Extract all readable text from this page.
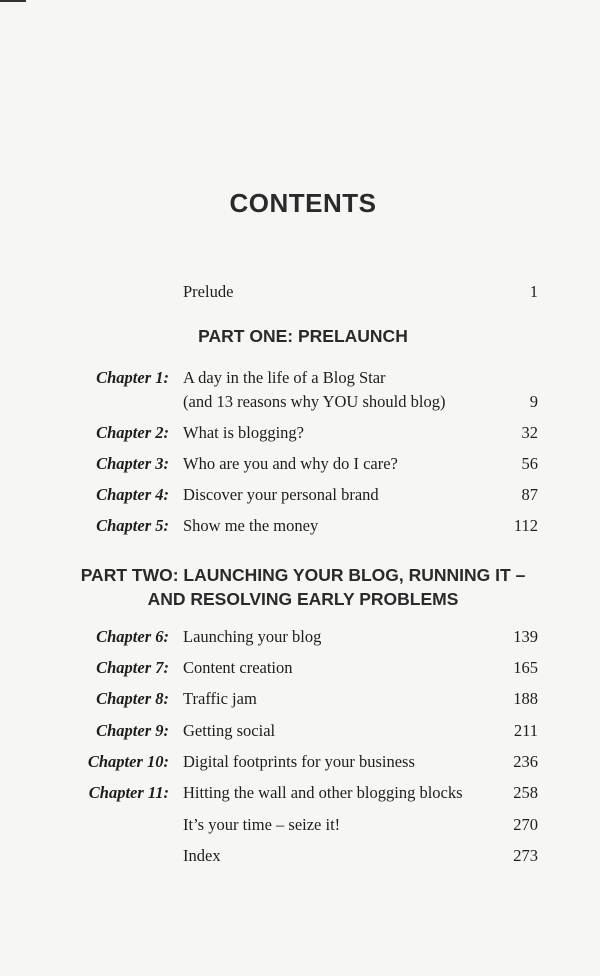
CONTENTS
Prelude	1
PART ONE: PRELAUNCH
Chapter 1: A day in the life of a Blog Star
(and 13 reasons why YOU should blog)	9
Chapter 2: What is blogging?	32
Chapter 3: Who are you and why do I care?	56
Chapter 4: Discover your personal brand	87
Chapter 5: Show me the money	112
PART TWO: LAUNCHING YOUR BLOG, RUNNING IT –
AND RESOLVING EARLY PROBLEMS
Chapter 6: Launching your blog	139
Chapter 7: Content creation	165
Chapter 8: Traffic jam	188
Chapter 9: Getting social	211
Chapter 10: Digital footprints for your business	236
Chapter 11: Hitting the wall and other blogging blocks	258
It’s your time – seize it!	270
Index	273
